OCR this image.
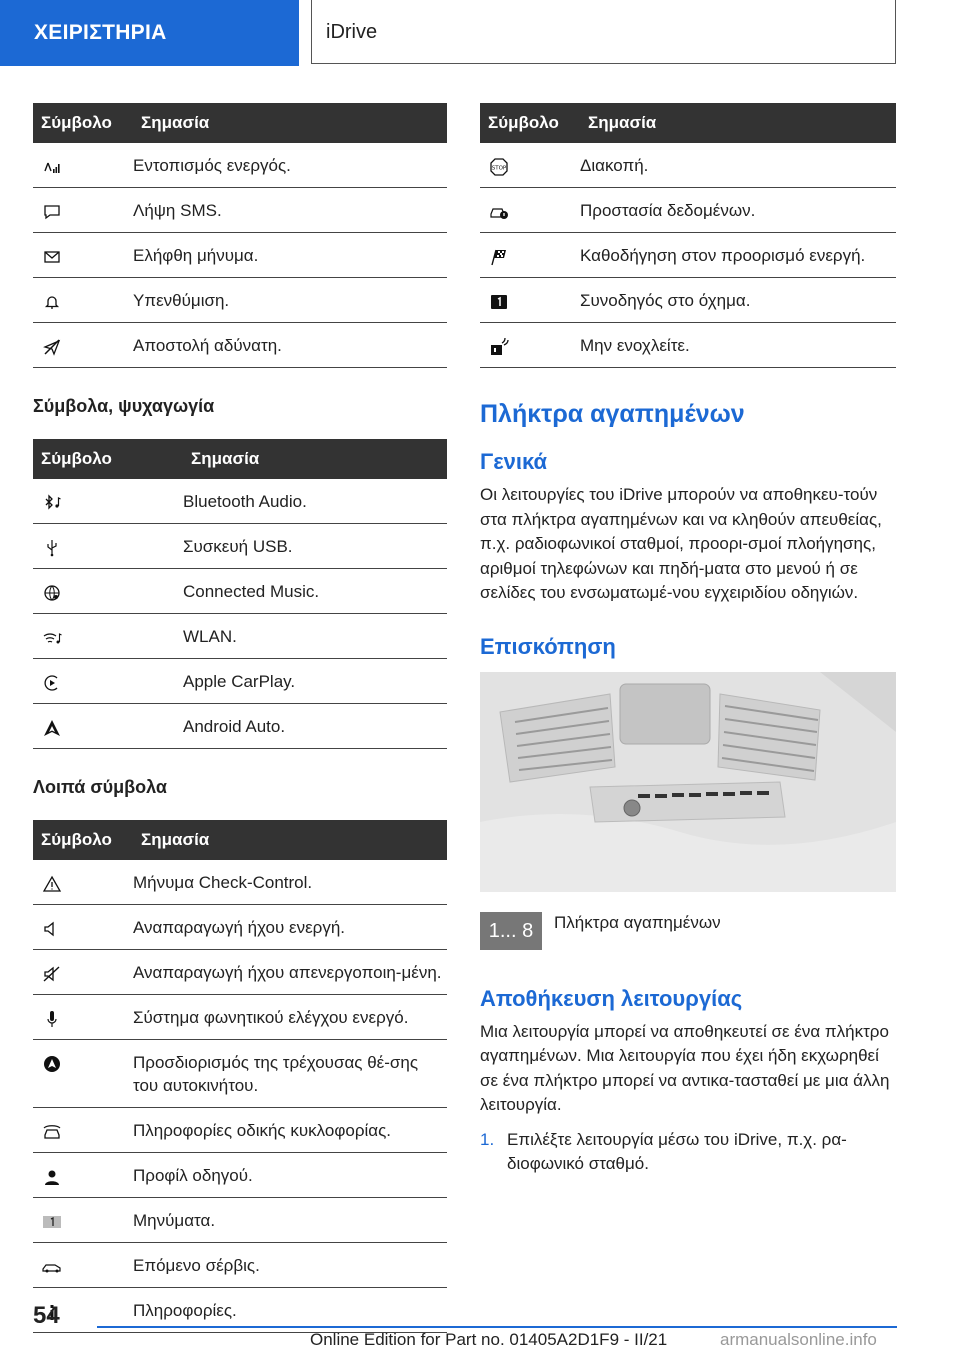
ΧΕΙΡΙΣΤΗΡΙΑ	iDrive
Σύμβολο	Σημασία
	Εντοπισμός ενεργός.
	Λήψη SMS.
	Ελήφθη μήνυμα.
	Υπενθύμιση.
	Αποστολή αδύνατη.
Σύμβολα, ψυχαγωγία
Σύμβολο	Σημασία
	Bluetooth Audio.
	Συσκευή USB.
	Connected Music.
	WLAN.
	Apple CarPlay.
	Android Auto.
Λοιπά σύμβολα
Σύμβολο	Σημασία
	Μήνυμα Check-Control.
	Αναπαραγωγή ήχου ενεργή.
	Αναπαραγωγή ήχου απενεργοποιη-μένη.
	Σύστημα φωνητικού ελέγχου ενεργό.
	Προσδιορισμός της τρέχουσας θέ-σης του αυτοκινήτου.
	Πληροφορίες οδικής κυκλοφορίας.
	Προφίλ οδηγού.
	Μηνύματα.
	Επόμενο σέρβις.
	Πληροφορίες.
Σύμβολο	Σημασία

STOP	Διακοπή.
	Προστασία δεδομένων.
	Καθοδήγηση στον προορισμό ενεργή.
	Συνοδηγός στο όχημα.
	Μην ενοχλείτε.
Πλήκτρα αγαπημένων
Γενικά

Οι λειτουργίες του iDrive μπορούν να αποθηκευ-τούν στα πλήκτρα αγαπημένων και να κληθούν απευθείας, π.χ. ραδιοφωνικοί σταθμοί, προορι-σμοί πλοήγησης, αριθμοί τηλεφώνων και πηδή-ματα στο μενού ή σε σελίδες του ενσωματωμέ-νου εγχειριδίου οδηγιών.

Επισκόπηση
1... 8	Πλήκτρα αγαπημένων
Αποθήκευση λειτουργίας

Μια λειτουργία μπορεί να αποθηκευτεί σε ένα πλήκτρο αγαπημένων. Μια λειτουργία που έχει ήδη εκχωρηθεί σε ένα πλήκτρο μπορεί να αντικα-τασταθεί με μια άλλη λειτουργία.

1. Επιλέξτε λειτουργία μέσω του iDrive, π.χ. ρα-διοφωνικό σταθμό.
54
Online Edition for Part no. 01405A2D1F9 - II/21	armanualsonline.info
